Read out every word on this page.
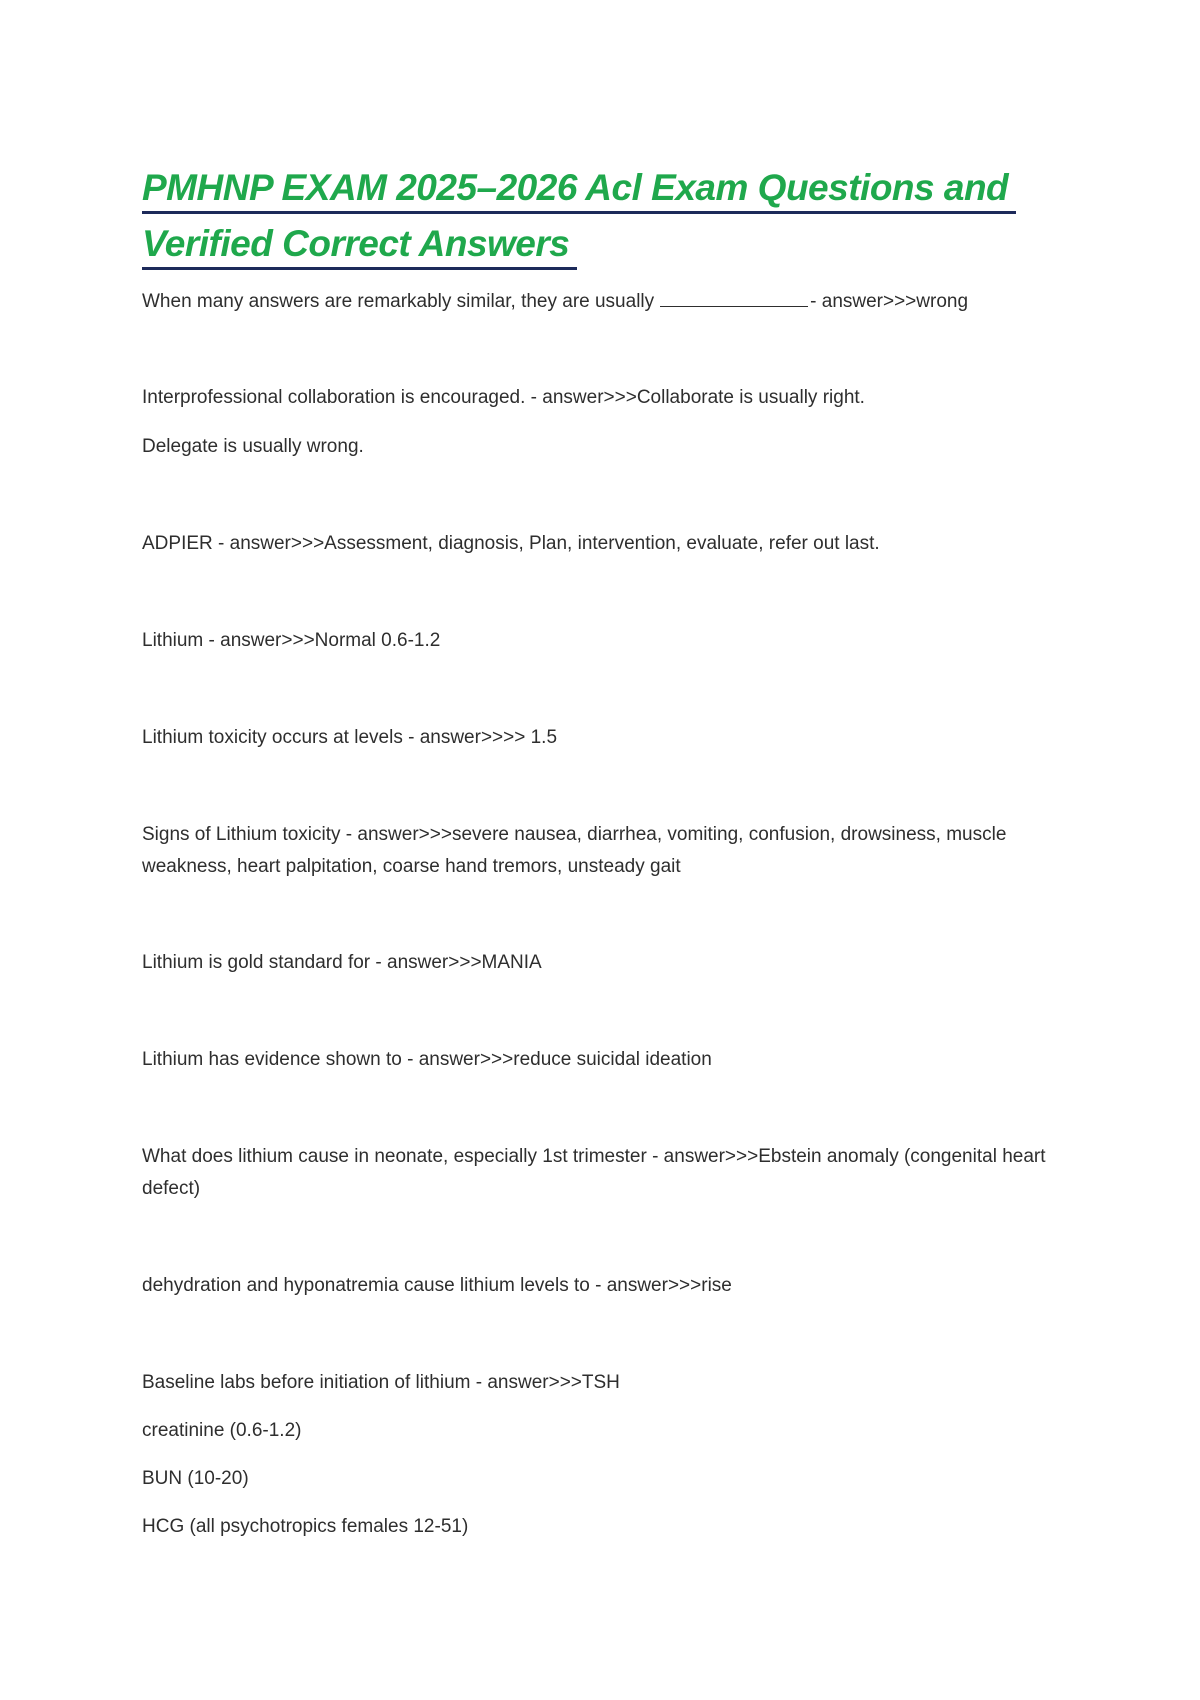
PMHNP EXAM 2025–2026 Acl Exam Questions and
Verified Correct Answers

When many answers are remarkably similar, they are usually	- answer>>>wrong

Interprofessional collaboration is encouraged. - answer>>>Collaborate is usually right.

Delegate is usually wrong.

ADPIER - answer>>>Assessment, diagnosis, Plan, intervention, evaluate, refer out last.

Lithium - answer>>>Normal 0.6-1.2

Lithium toxicity occurs at levels - answer>>>> 1.5

Signs of Lithium toxicity - answer>>>severe nausea, diarrhea, vomiting, confusion, drowsiness, muscle weakness, heart palpitation, coarse hand tremors, unsteady gait

Lithium is gold standard for - answer>>>MANIA

Lithium has evidence shown to - answer>>>reduce suicidal ideation

What does lithium cause in neonate, especially 1st trimester - answer>>>Ebstein anomaly (congenital heart defect)

dehydration and hyponatremia cause lithium levels to - answer>>>rise

Baseline labs before initiation of lithium - answer>>>TSH

creatinine (0.6-1.2)

BUN (10-20)

HCG (all psychotropics females 12-51)
